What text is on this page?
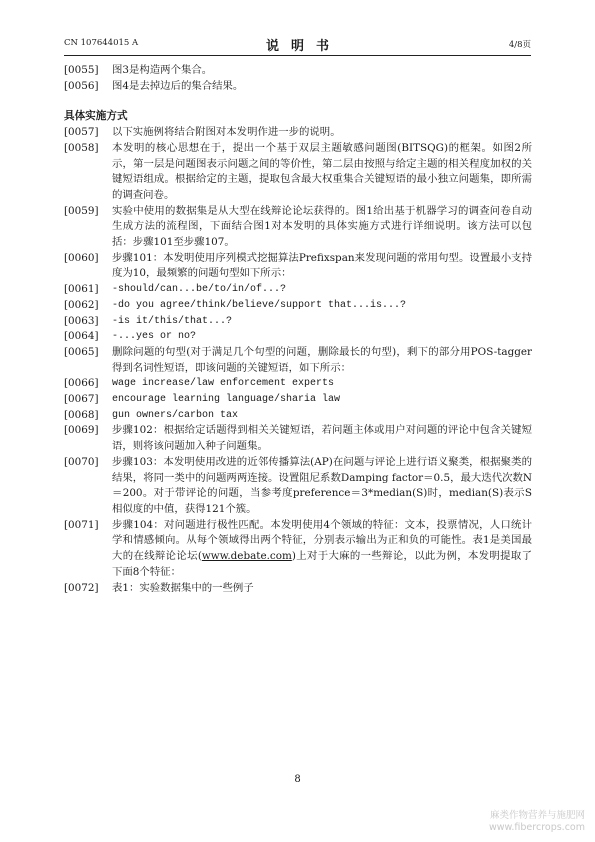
CN 107644015 A	说明书	4/8页
[0055]	图3是构造两个集合。
[0056]	图4是去掉边后的集合结果。
具体实施方式
[0057]	以下实施例将结合附图对本发明作进一步的说明。
[0058]	本发明的核心思想在于，提出一个基于双层主题敏感问题图(BITSQG)的框架。如图2所示，第一层是问题图表示问题之间的等价性，第二层由按照与给定主题的相关程度加权的关键短语组成。根据给定的主题，提取包含最大权重集合关键短语的最小独立问题集，即所需的调查问卷。
[0059]	实验中使用的数据集是从大型在线辩论论坛获得的。图1给出基于机器学习的调查问卷自动生成方法的流程图，下面结合图1对本发明的具体实施方式进行详细说明。该方法可以包括：步骤101至步骤107。
[0060]	步骤101：本发明使用序列模式挖掘算法Prefixspan来发现问题的常用句型。设置最小支持度为10，最频繁的问题句型如下所示：
[0061]	-should/can...be/to/in/of...?
[0062]	-do you agree/think/believe/support that...is...?
[0063]	-is it/this/that...?
[0064]	-...yes or no?
[0065]	删除问题的句型(对于满足几个句型的问题，删除最长的句型)，剩下的部分用POS-tagger得到名词性短语，即该问题的关键短语，如下所示：
[0066]	wage increase/law enforcement experts
[0067]	encourage learning language/sharia law
[0068]	gun owners/carbon tax
[0069]	步骤102：根据给定话题得到相关关键短语，若问题主体或用户对问题的评论中包含关键短语，则将该问题加入种子问题集。
[0070]	步骤103：本发明使用改进的近邻传播算法(AP)在问题与评论上进行语义聚类，根据聚类的结果，将同一类中的问题两两连接。设置阻尼系数Damping factor＝0.5，最大迭代次数N＝200。对于带评论的问题，当参考度preference＝3*median(S)时，median(S)表示S相似度的中值，获得121个簇。
[0071]	步骤104：对问题进行极性匹配。本发明使用4个领域的特征：文本，投票情况，人口统计学和情感倾向。从每个领域得出两个特征，分别表示输出为正和负的可能性。表1是美国最大的在线辩论论坛(www.debate.com)上对于大麻的一些辩论，以此为例，本发明提取了下面8个特征：
[0072]	表1：实验数据集中的一些例子
8
麻类作物营养与施肥网
www.fibercrops.com
